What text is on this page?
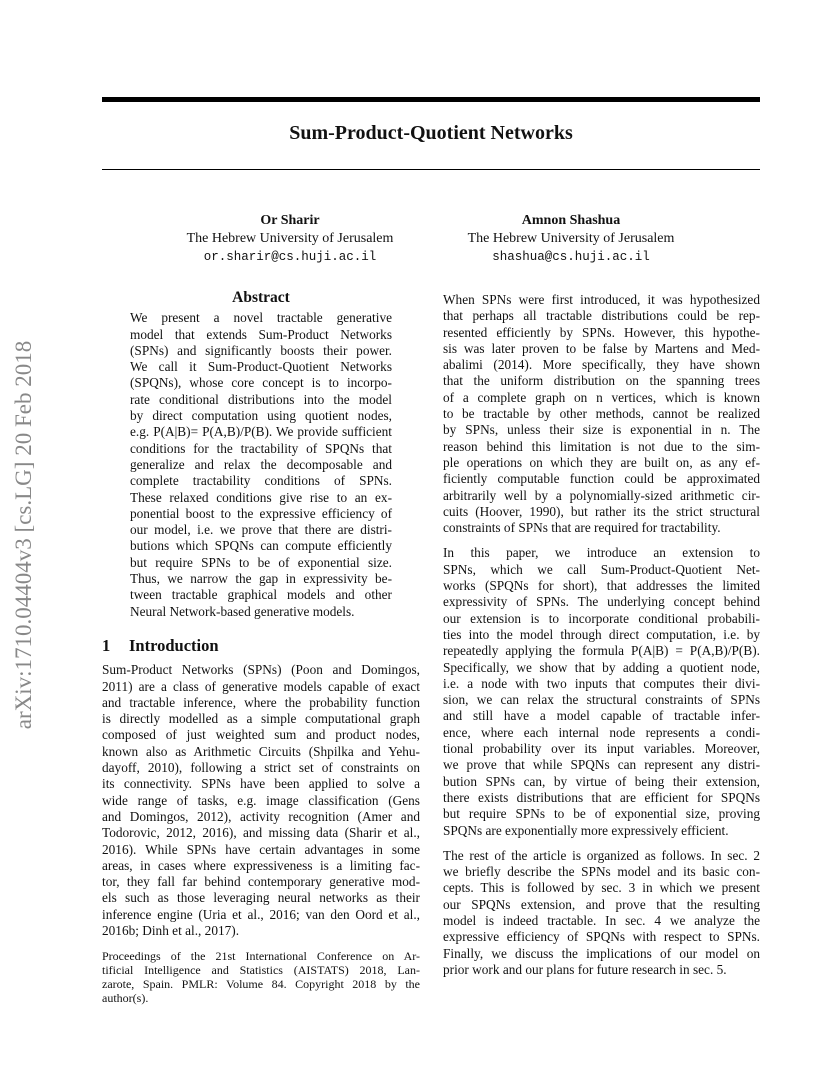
Sum-Product-Quotient Networks
Or Sharir
The Hebrew University of Jerusalem
or.sharir@cs.huji.ac.il
Amnon Shashua
The Hebrew University of Jerusalem
shashua@cs.huji.ac.il
arXiv:1710.04404v3 [cs.LG] 20 Feb 2018
Abstract
We present a novel tractable generative
model that extends Sum-Product Networks
(SPNs) and significantly boosts their power.
We call it Sum-Product-Quotient Networks
(SPQNs), whose core concept is to incorpo-
rate conditional distributions into the model
by direct computation using quotient nodes,
e.g. P(A|B)= P(A,B)/P(B). We provide sufficient
conditions for the tractability of SPQNs that
generalize and relax the decomposable and
complete tractability conditions of SPNs.
These relaxed conditions give rise to an ex-
ponential boost to the expressive efficiency of
our model, i.e. we prove that there are distri-
butions which SPQNs can compute efficiently
but require SPNs to be of exponential size.
Thus, we narrow the gap in expressivity be-
tween tractable graphical models and other
Neural Network-based generative models.
1 Introduction
Sum-Product Networks (SPNs) (Poon and Domingos,
2011) are a class of generative models capable of exact
and tractable inference, where the probability function
is directly modelled as a simple computational graph
composed of just weighted sum and product nodes,
known also as Arithmetic Circuits (Shpilka and Yehu-
dayoff, 2010), following a strict set of constraints on
its connectivity. SPNs have been applied to solve a
wide range of tasks, e.g. image classification (Gens
and Domingos, 2012), activity recognition (Amer and
Todorovic, 2012, 2016), and missing data (Sharir et al.,
2016). While SPNs have certain advantages in some
areas, in cases where expressiveness is a limiting fac-
tor, they fall far behind contemporary generative mod-
els such as those leveraging neural networks as their
inference engine (Uria et al., 2016; van den Oord et al.,
2016b; Dinh et al., 2017).
Proceedings of the 21st International Conference on Ar-
tificial Intelligence and Statistics (AISTATS) 2018, Lan-
zarote, Spain. PMLR: Volume 84. Copyright 2018 by the
author(s).
When SPNs were first introduced, it was hypothesized
that perhaps all tractable distributions could be rep-
resented efficiently by SPNs. However, this hypothe-
sis was later proven to be false by Martens and Med-
abalimi (2014). More specifically, they have shown
that the uniform distribution on the spanning trees
of a complete graph on n vertices, which is known
to be tractable by other methods, cannot be realized
by SPNs, unless their size is exponential in n. The
reason behind this limitation is not due to the sim-
ple operations on which they are built on, as any ef-
ficiently computable function could be approximated
arbitrarily well by a polynomially-sized arithmetic cir-
cuits (Hoover, 1990), but rather its the strict structural
constraints of SPNs that are required for tractability.
In this paper, we introduce an extension to
SPNs, which we call Sum-Product-Quotient Net-
works (SPQNs for short), that addresses the limited
expressivity of SPNs. The underlying concept behind
our extension is to incorporate conditional probabili-
ties into the model through direct computation, i.e. by
repeatedly applying the formula P(A|B) = P(A,B)/P(B).
Specifically, we show that by adding a quotient node,
i.e. a node with two inputs that computes their divi-
sion, we can relax the structural constraints of SPNs
and still have a model capable of tractable infer-
ence, where each internal node represents a condi-
tional probability over its input variables. Moreover,
we prove that while SPQNs can represent any distri-
bution SPNs can, by virtue of being their extension,
there exists distributions that are efficient for SPQNs
but require SPNs to be of exponential size, proving
SPQNs are exponentially more expressively efficient.
The rest of the article is organized as follows. In sec. 2
we briefly describe the SPNs model and its basic con-
cepts. This is followed by sec. 3 in which we present
our SPQNs extension, and prove that the resulting
model is indeed tractable. In sec. 4 we analyze the
expressive efficiency of SPQNs with respect to SPNs.
Finally, we discuss the implications of our model on
prior work and our plans for future research in sec. 5.
